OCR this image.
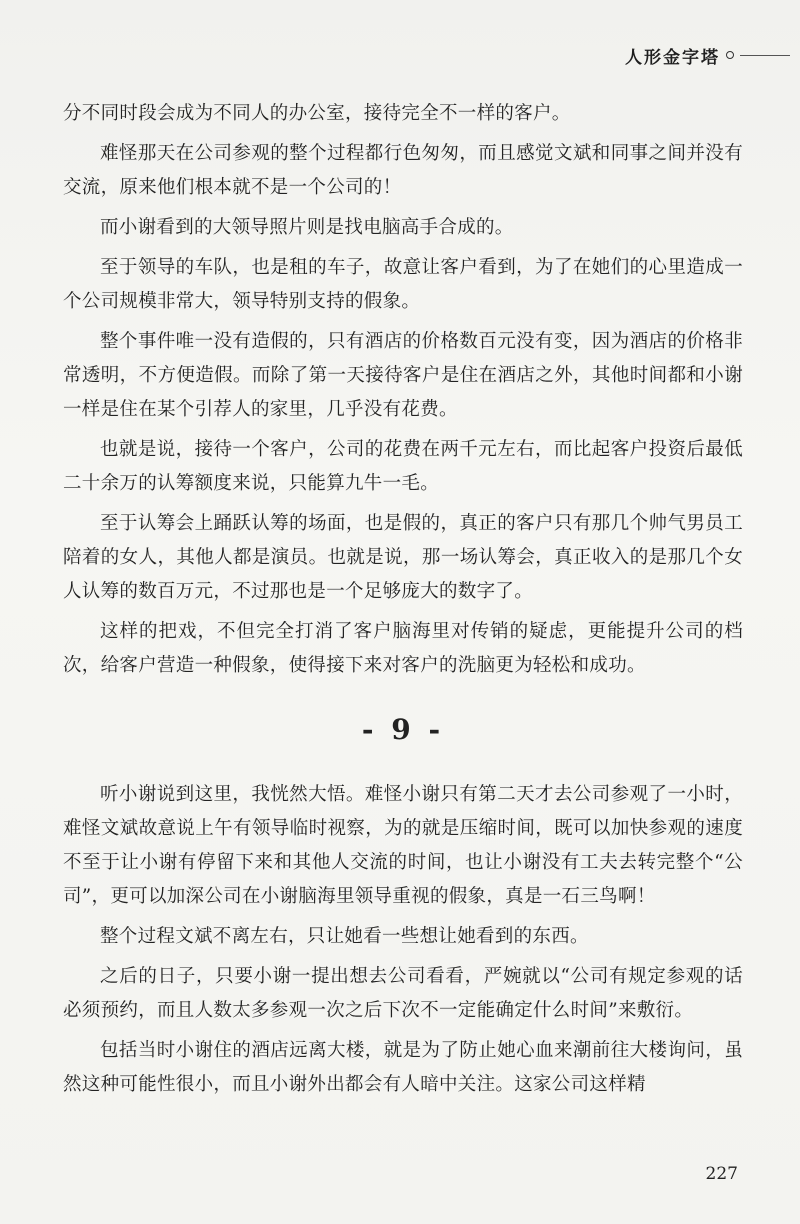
人形金字塔

分不同时段会成为不同人的办公室，接待完全不一样的客户。

难怪那天在公司参观的整个过程都行色匆匆，而且感觉文斌和同事之间并没有交流，原来他们根本就不是一个公司的！

而小谢看到的大领导照片则是找电脑高手合成的。

至于领导的车队，也是租的车子，故意让客户看到，为了在她们的心里造成一个公司规模非常大，领导特别支持的假象。

整个事件唯一没有造假的，只有酒店的价格数百元没有变，因为酒店的价格非常透明，不方便造假。而除了第一天接待客户是住在酒店之外，其他时间都和小谢一样是住在某个引荐人的家里，几乎没有花费。

也就是说，接待一个客户，公司的花费在两千元左右，而比起客户投资后最低二十余万的认筹额度来说，只能算九牛一毛。

至于认筹会上踊跃认筹的场面，也是假的，真正的客户只有那几个帅气男员工陪着的女人，其他人都是演员。也就是说，那一场认筹会，真正收入的是那几个女人认筹的数百万元，不过那也是一个足够庞大的数字了。

这样的把戏，不但完全打消了客户脑海里对传销的疑虑，更能提升公司的档次，给客户营造一种假象，使得接下来对客户的洗脑更为轻松和成功。

- 9 -

听小谢说到这里，我恍然大悟。难怪小谢只有第二天才去公司参观了一小时，难怪文斌故意说上午有领导临时视察，为的就是压缩时间，既可以加快参观的速度不至于让小谢有停留下来和其他人交流的时间，也让小谢没有工夫去转完整个“公司”，更可以加深公司在小谢脑海里领导重视的假象，真是一石三鸟啊！

整个过程文斌不离左右，只让她看一些想让她看到的东西。

之后的日子，只要小谢一提出想去公司看看，严婉就以“公司有规定参观的话必须预约，而且人数太多参观一次之后下次不一定能确定什么时间”来敷衍。

包括当时小谢住的酒店远离大楼，就是为了防止她心血来潮前往大楼询问，虽然这种可能性很小，而且小谢外出都会有人暗中关注。这家公司这样精

227
